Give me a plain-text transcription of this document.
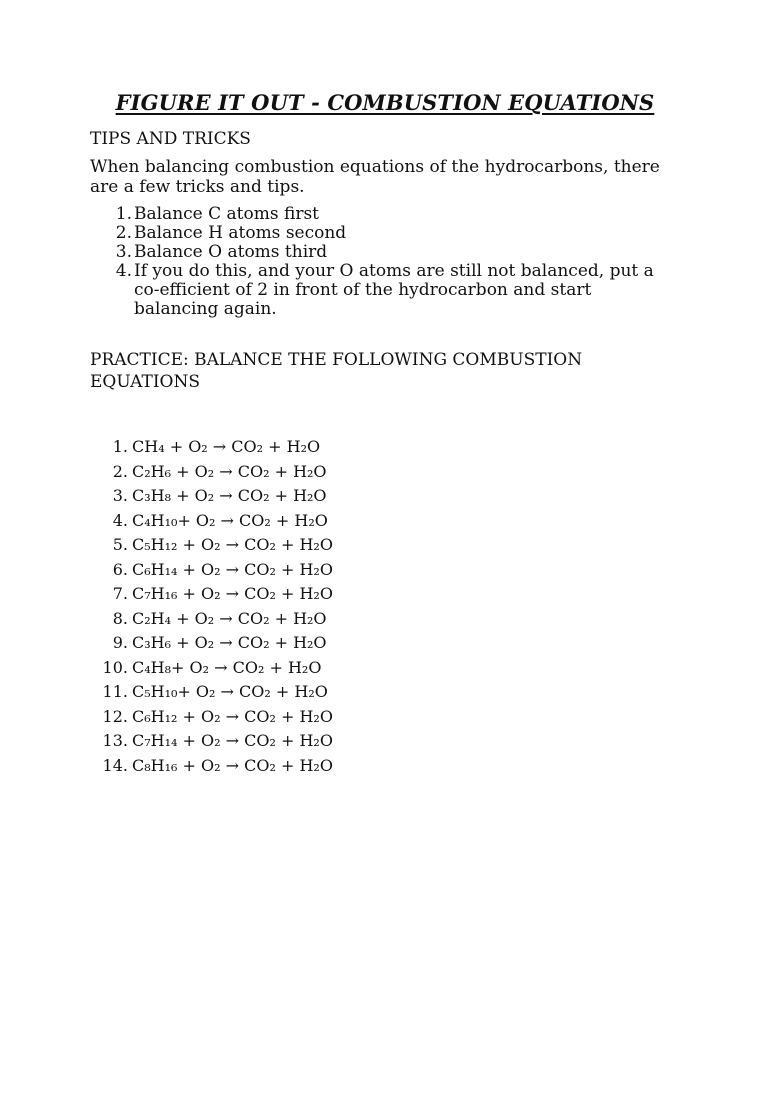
FIGURE IT OUT - COMBUSTION EQUATIONS
TIPS AND TRICKS
When balancing combustion equations of the hydrocarbons, there are a few tricks and tips.
1. Balance C atoms first
2. Balance H atoms second
3. Balance O atoms third
4. If you do this, and your O atoms are still not balanced, put a co-efficient of 2 in front of the hydrocarbon and start balancing again.
PRACTICE: BALANCE THE FOLLOWING COMBUSTION EQUATIONS
1. CH₄ + O₂ → CO₂ + H₂O
2. C₂H₆ + O₂ → CO₂ + H₂O
3. C₃H₈ + O₂ → CO₂ + H₂O
4. C₄H₁₀+ O₂ → CO₂ + H₂O
5. C₅H₁₂ + O₂ → CO₂ + H₂O
6. C₆H₁₄ + O₂ → CO₂ + H₂O
7. C₇H₁₆ + O₂ → CO₂ + H₂O
8. C₂H₄ + O₂ → CO₂ + H₂O
9. C₃H₆ + O₂ → CO₂ + H₂O
10. C₄H₈+ O₂ → CO₂ + H₂O
11. C₅H₁₀+ O₂ → CO₂ + H₂O
12. C₆H₁₂ + O₂ → CO₂ + H₂O
13. C₇H₁₄ + O₂ → CO₂ + H₂O
14. C₈H₁₆ + O₂ → CO₂ + H₂O
